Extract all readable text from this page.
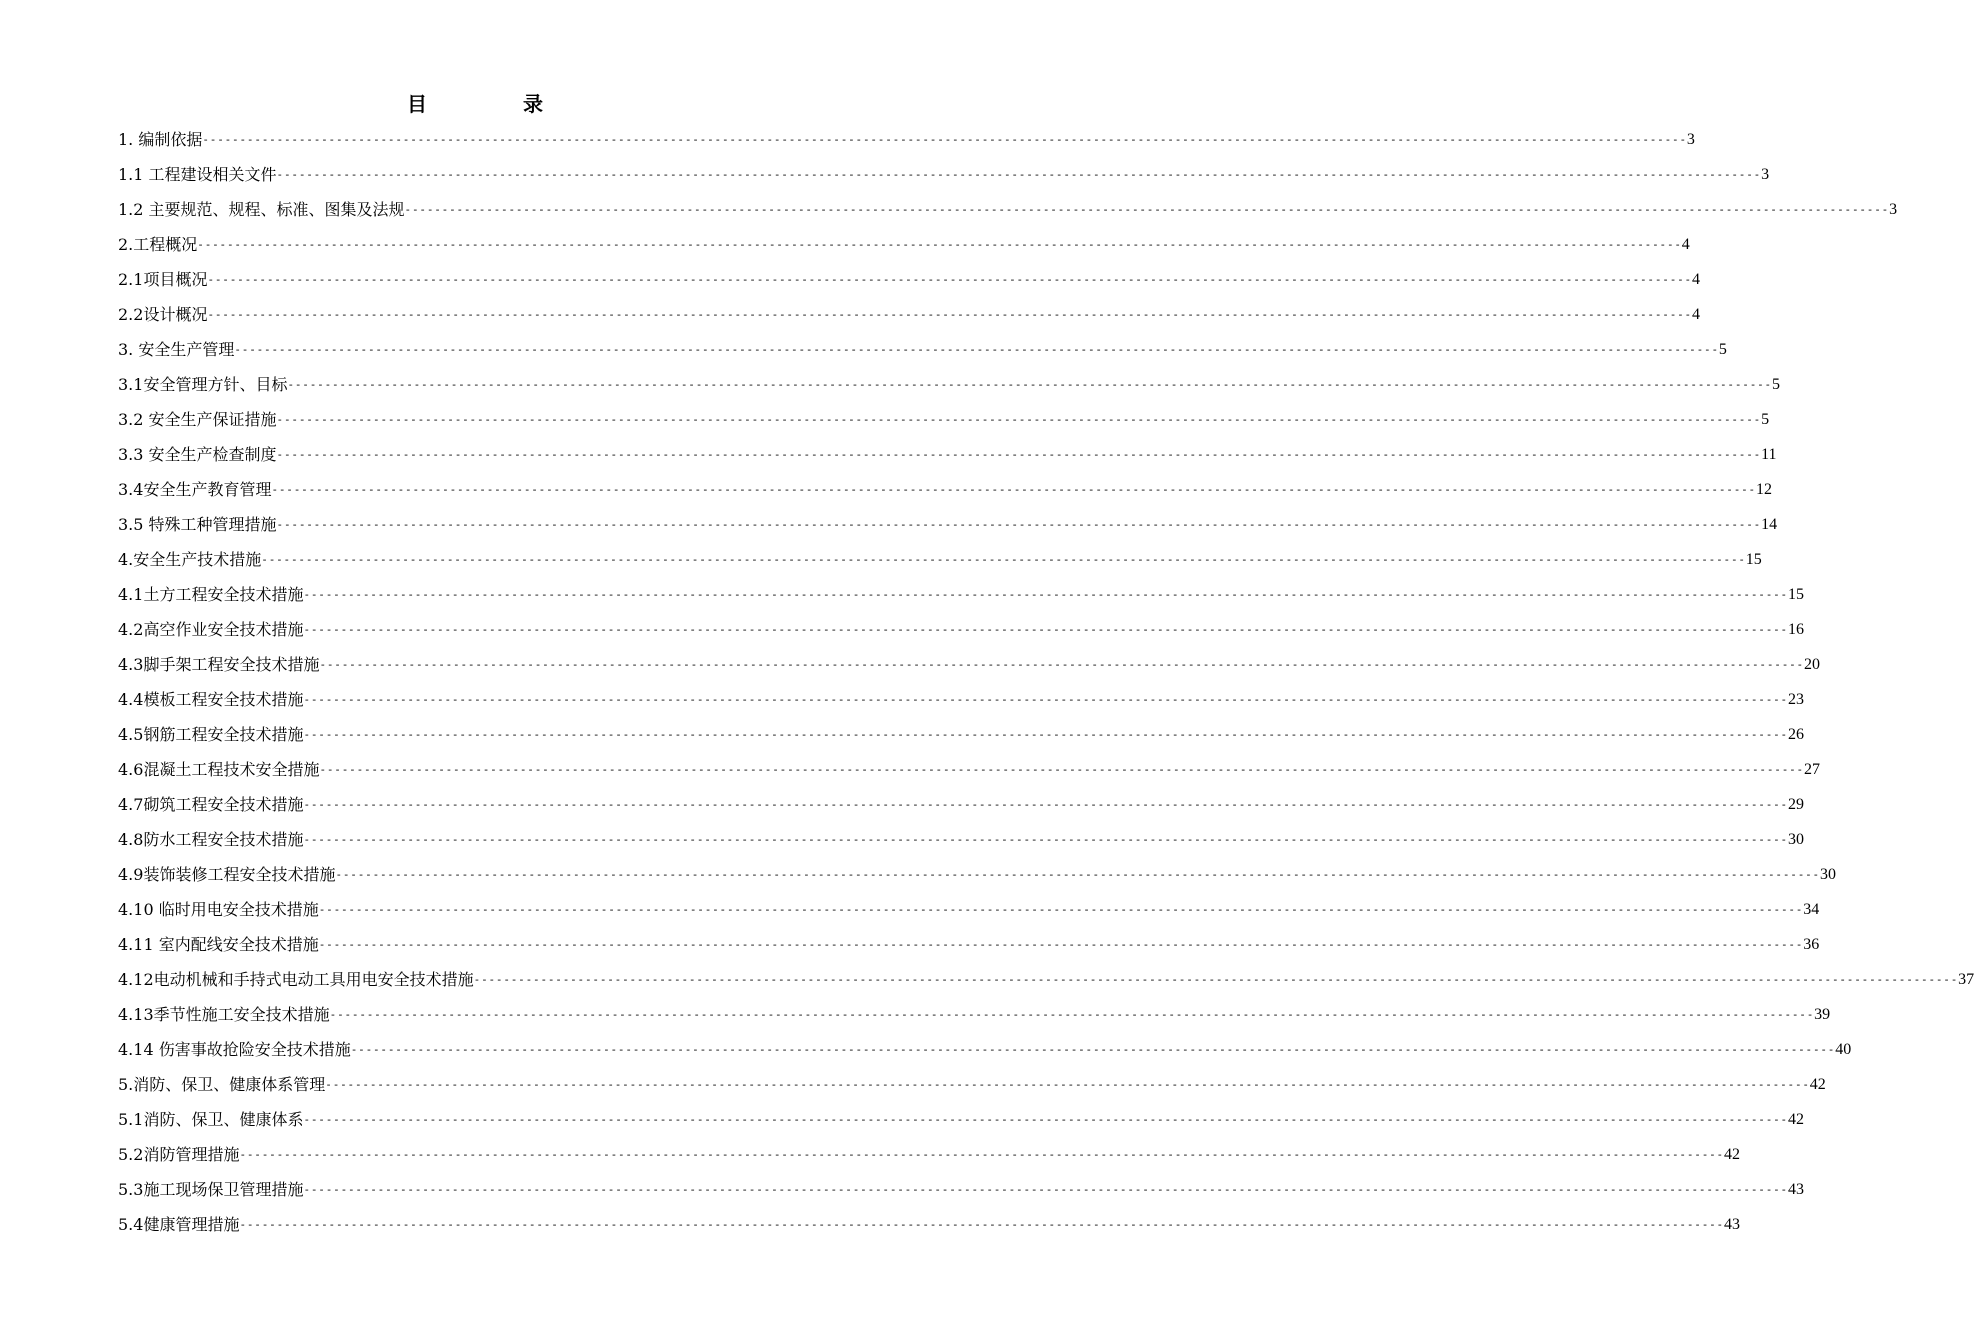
目　录
1. 编制依据 -------------------------------------------------------------------------------------------------------------------------------------------------------------------------------------------------------- 3
1.1 工程建设相关文件 -------------------------------------------------------------------------------------------------------------------------------------------------------------------------------------------------------- 3
1.2 主要规范、规程、标准、图集及法规 -------------------------------------------------------------------------------------------------------------------------------------------------------------------------------------------------------- 3
2.工程概况 -------------------------------------------------------------------------------------------------------------------------------------------------------------------------------------------------------- 4
2.1项目概况 -------------------------------------------------------------------------------------------------------------------------------------------------------------------------------------------------------- 4
2.2设计概况 -------------------------------------------------------------------------------------------------------------------------------------------------------------------------------------------------------- 4
3. 安全生产管理 -------------------------------------------------------------------------------------------------------------------------------------------------------------------------------------------------------- 5
3.1安全管理方针、目标 -------------------------------------------------------------------------------------------------------------------------------------------------------------------------------------------------------- 5
3.2 安全生产保证措施 -------------------------------------------------------------------------------------------------------------------------------------------------------------------------------------------------------- 5
3.3 安全生产检查制度 -------------------------------------------------------------------------------------------------------------------------------------------------------------------------------------------------------- 11
3.4安全生产教育管理 -------------------------------------------------------------------------------------------------------------------------------------------------------------------------------------------------------- 12
3.5 特殊工种管理措施 -------------------------------------------------------------------------------------------------------------------------------------------------------------------------------------------------------- 14
4.安全生产技术措施 -------------------------------------------------------------------------------------------------------------------------------------------------------------------------------------------------------- 15
4.1土方工程安全技术措施 -------------------------------------------------------------------------------------------------------------------------------------------------------------------------------------------------------- 15
4.2高空作业安全技术措施 -------------------------------------------------------------------------------------------------------------------------------------------------------------------------------------------------------- 16
4.3脚手架工程安全技术措施 -------------------------------------------------------------------------------------------------------------------------------------------------------------------------------------------------------- 20
4.4模板工程安全技术措施 -------------------------------------------------------------------------------------------------------------------------------------------------------------------------------------------------------- 23
4.5钢筋工程安全技术措施 -------------------------------------------------------------------------------------------------------------------------------------------------------------------------------------------------------- 26
4.6混凝土工程技术安全措施 -------------------------------------------------------------------------------------------------------------------------------------------------------------------------------------------------------- 27
4.7砌筑工程安全技术措施 -------------------------------------------------------------------------------------------------------------------------------------------------------------------------------------------------------- 29
4.8防水工程安全技术措施 -------------------------------------------------------------------------------------------------------------------------------------------------------------------------------------------------------- 30
4.9装饰装修工程安全技术措施 -------------------------------------------------------------------------------------------------------------------------------------------------------------------------------------------------------- 30
4.10 临时用电安全技术措施 -------------------------------------------------------------------------------------------------------------------------------------------------------------------------------------------------------- 34
4.11 室内配线安全技术措施 -------------------------------------------------------------------------------------------------------------------------------------------------------------------------------------------------------- 36
4.12电动机械和手持式电动工具用电安全技术措施 -------------------------------------------------------------------------------------------------------------------------------------------------------------------------------------------------------- 37
4.13季节性施工安全技术措施 -------------------------------------------------------------------------------------------------------------------------------------------------------------------------------------------------------- 39
4.14 伤害事故抢险安全技术措施 -------------------------------------------------------------------------------------------------------------------------------------------------------------------------------------------------------- 40
5.消防、保卫、健康体系管理 -------------------------------------------------------------------------------------------------------------------------------------------------------------------------------------------------------- 42
5.1消防、保卫、健康体系 -------------------------------------------------------------------------------------------------------------------------------------------------------------------------------------------------------- 42
5.2消防管理措施 -------------------------------------------------------------------------------------------------------------------------------------------------------------------------------------------------------- 42
5.3施工现场保卫管理措施 -------------------------------------------------------------------------------------------------------------------------------------------------------------------------------------------------------- 43
5.4健康管理措施 -------------------------------------------------------------------------------------------------------------------------------------------------------------------------------------------------------- 43
